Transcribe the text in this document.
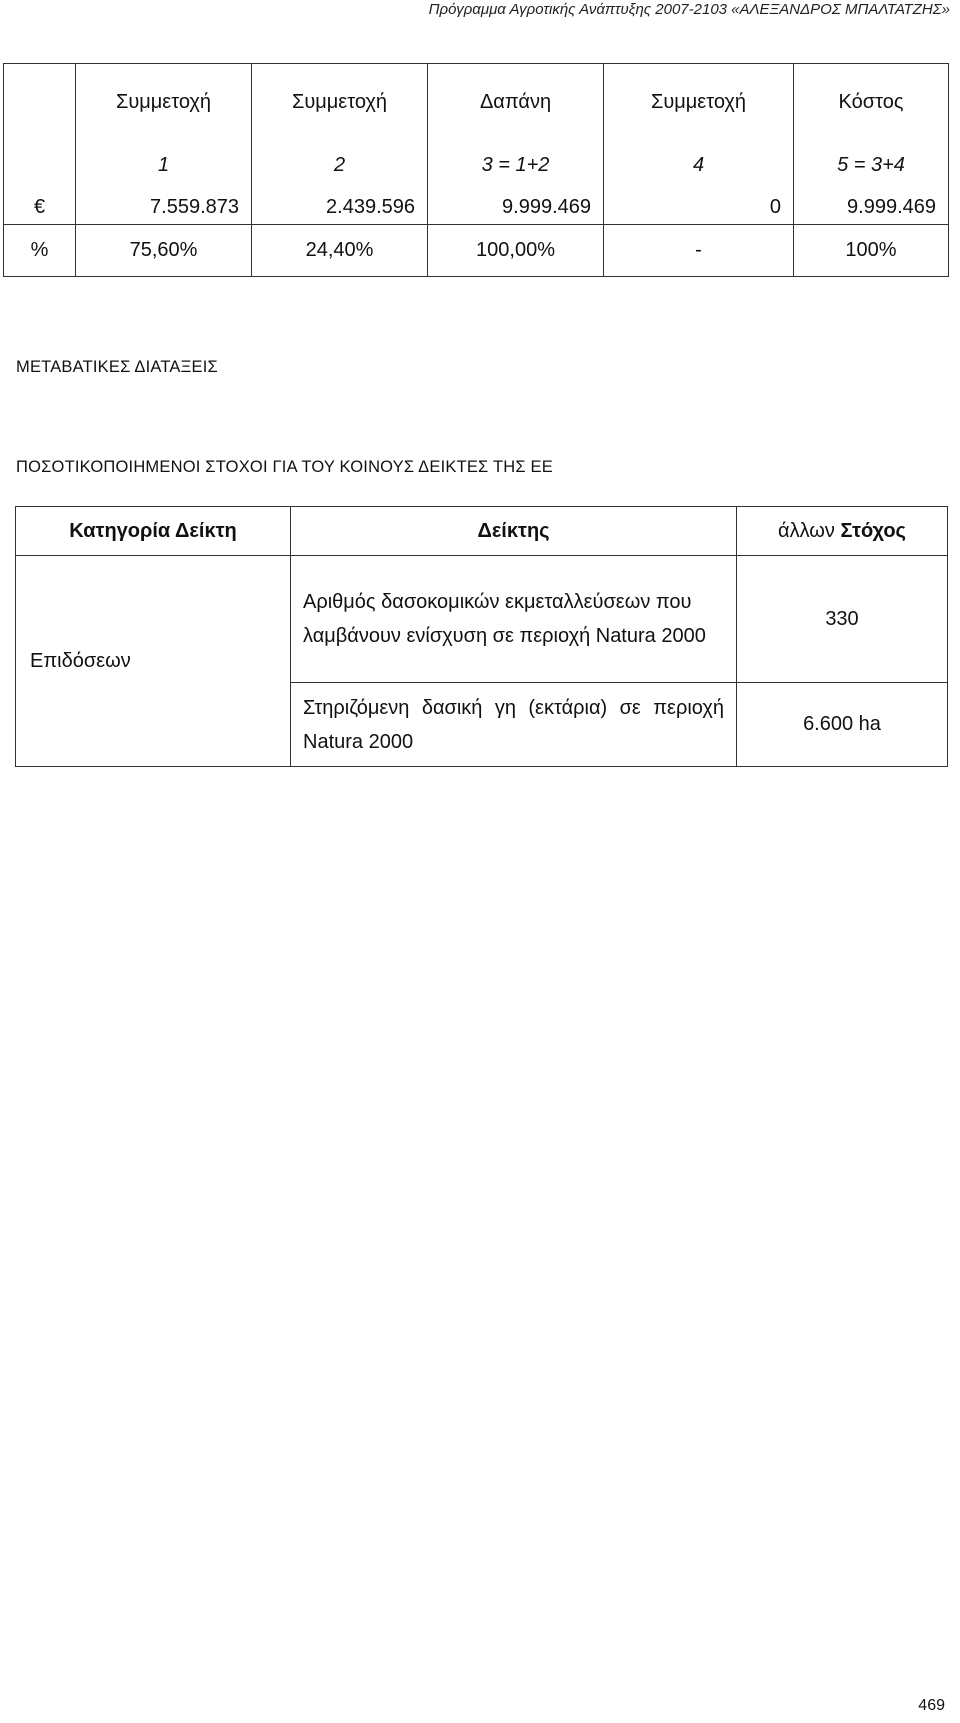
Πρόγραμμα Αγροτικής Ανάπτυξης 2007-2103 «ΑΛΕΞΑΝΔΡΟΣ ΜΠΑΛΤΑΤΖΗΣ»
	Συμμετοχή	Συμμετοχή	Δαπάνη	Συμμετοχή	Κόστος
	1	2	3 = 1+2	4	5 = 3+4
€	7.559.873	2.439.596	9.999.469	0	9.999.469
%	75,60%	24,40%	100,00%	-	100%
ΜΕΤΑΒΑΤΙΚΕΣ ΔΙΑΤΑΞΕΙΣ
ΠΟΣΟΤΙΚΟΠΟΙΗΜΕΝΟΙ ΣΤΟΧΟΙ ΓΙΑ ΤΟΥ ΚΟΙΝΟΥΣ ΔΕΙΚΤΕΣ ΤΗΣ ΕΕ
Κατηγορία Δείκτη	Δείκτης	άλλων Στόχος
Επιδόσεων	Αριθμός δασοκομικών εκμεταλλεύσεων που λαμβάνουν ενίσχυση σε περιοχή Natura 2000	330
	Στηριζόμενη δασική γη (εκτάρια) σε περιοχή Natura 2000	6.600 ha
469
